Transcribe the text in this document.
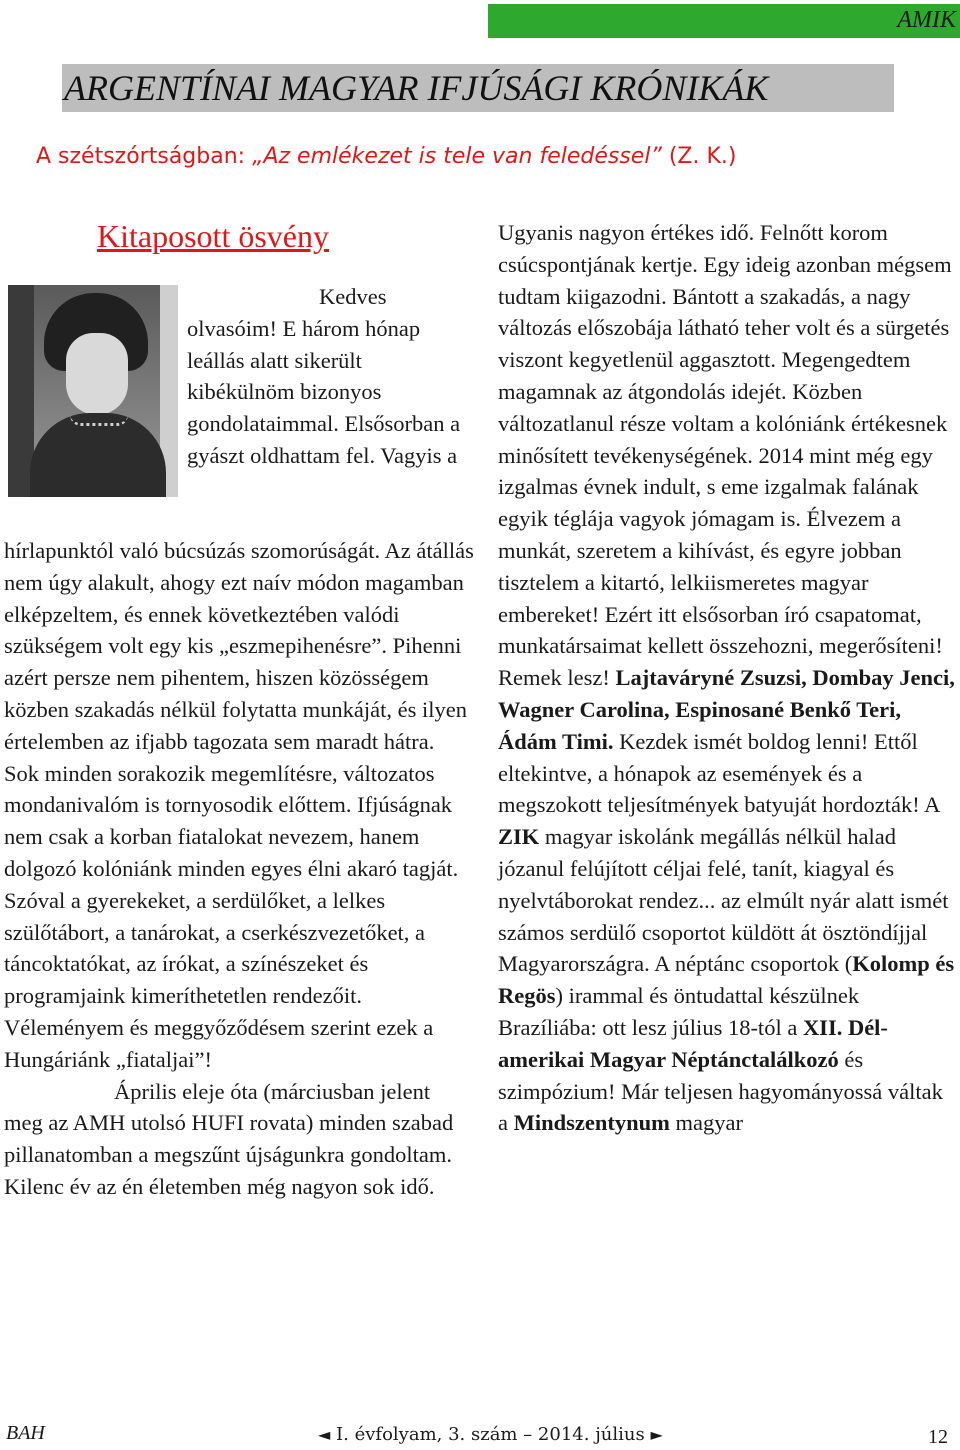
AMIK
ARGENTÍNAI MAGYAR IFJÚSÁGI KRÓNIKÁK
A szétszórtságban: „Az emlékezet is tele van feledéssel” (Z. K.)
Kitaposott ösvény

Kedves olvasóim! E három hónap leállás alatt sikerült kibékülnöm bizonyos gondolataimmal. Elsősorban a gyászt oldhattam fel. Vagyis a

hírlapunktól való búcsúzás szomorúságát. Az átállás nem úgy alakult, ahogy ezt naív módon magamban elképzeltem, és ennek következtében valódi szükségem volt egy kis „eszmepihenésre”. Pihenni azért persze nem pihentem, hiszen közösségem közben szakadás nélkül folytatta munkáját, és ilyen értelemben az ifjabb tagozata sem maradt hátra. Sok minden sorakozik megemlítésre, változatos mondanivalóm is tornyosodik előttem. Ifjúságnak nem csak a korban fiatalokat nevezem, hanem dolgozó kolóniánk minden egyes élni akaró tagját. Szóval a gyerekeket, a serdülőket, a lelkes szülőtábort, a tanárokat, a cserkészvezetőket, a táncoktatókat, az írókat, a színészeket és programjaink kimeríthetetlen rendezőit. Véleményem és meggyőződésem szerint ezek a Hungáriánk „fiataljai”!

Április eleje óta (márciusban jelent meg az AMH utolsó HUFI rovata) minden szabad pillanatomban a megszűnt újságunkra gondoltam. Kilenc év az én életemben még nagyon sok idő.

Ugyanis nagyon értékes idő. Felnőtt korom csúcspontjának kertje. Egy ideig azonban mégsem tudtam kiigazodni. Bántott a szakadás, a nagy változás előszobája látható teher volt és a sürgetés viszont kegyetlenül aggasztott. Megengedtem magamnak az átgondolás idejét. Közben változatlanul része voltam a kolóniánk értékesnek minősített tevékenységének. 2014 mint még egy izgalmas évnek indult, s eme izgalmak falának egyik téglája vagyok jómagam is. Élvezem a munkát, szeretem a kihívást, és egyre jobban tisztelem a kitartó, lelkiismeretes magyar embereket! Ezért itt elsősorban író csapatomat, munkatársaimat kellett összehozni, megerősíteni! Remek lesz! Lajtaváryné Zsuzsi, Dombay Jenci, Wagner Carolina, Espinosané Benkő Teri, Ádám Timi. Kezdek ismét boldog lenni! Ettől eltekintve, a hónapok az események és a megszokott teljesítmények batyuját hordozták! A ZIK magyar iskolánk megállás nélkül halad józanul felújított céljai felé, tanít, kiagyal és nyelvtáborokat rendez... az elmúlt nyár alatt ismét számos serdülő csoportot küldött át ösztöndíjjal Magyarországra. A néptánc csoportok (Kolomp és Regös) irammal és öntudattal készülnek Brazíliába: ott lesz július 18-tól a XII. Dél-amerikai Magyar Néptánctalálkozó és szimpózium! Már teljesen hagyományossá váltak a Mindszentynum magyar

BAH	◄ I. évfolyam, 3. szám – 2014. július ►	12
